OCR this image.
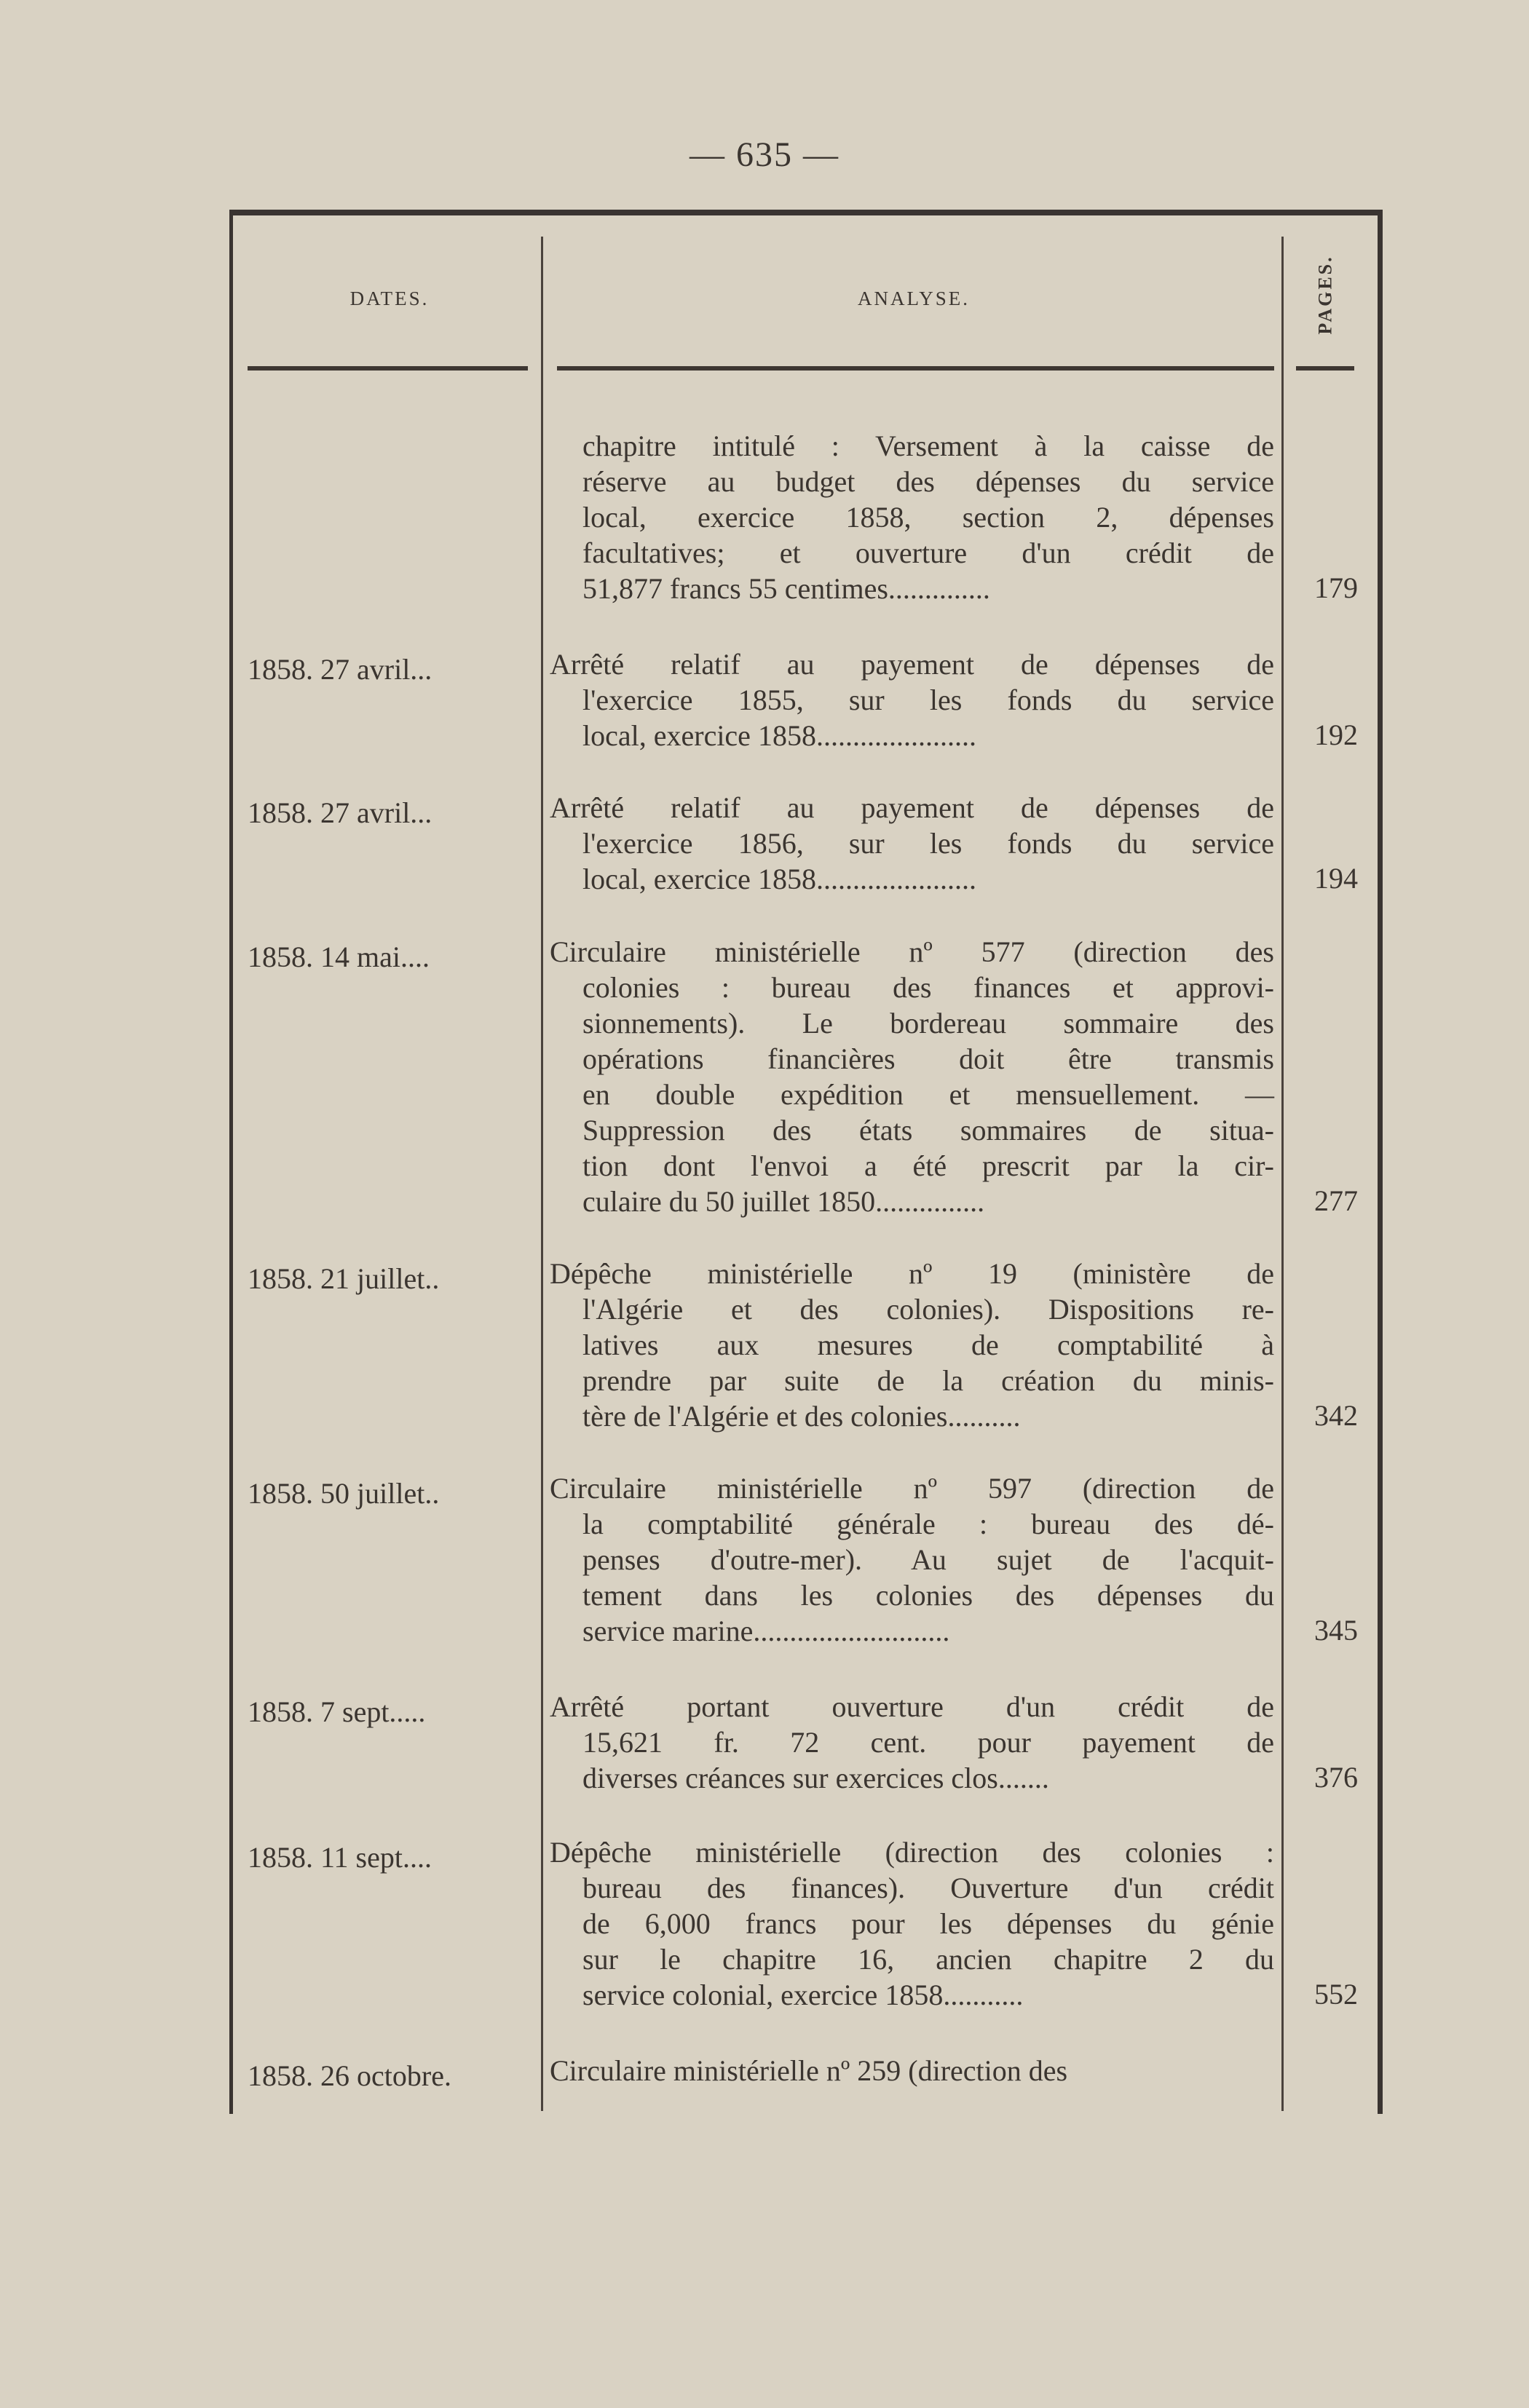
— 635 —
DATES.	ANALYSE.	PAGES.
chapitre intitulé : Versement à la caisse de
réserve au budget des dépenses du service
local, exercice 1858, section 2, dépenses
facultatives; et ouverture d'un crédit de
51,877 francs 55 centimes..............	179
1858. 27 avril...	Arrêté relatif au payement de dépenses de
l'exercice 1855, sur les fonds du service
local, exercice 1858......................	192
1858. 27 avril...	Arrêté relatif au payement de dépenses de
l'exercice 1856, sur les fonds du service
local, exercice 1858......................	194
1858. 14 mai....	Circulaire ministérielle nº 577 (direction des
colonies : bureau des finances et approvi-
sionnements). Le bordereau sommaire des
opérations financières doit être transmis
en double expédition et mensuellement. —
Suppression des états sommaires de situa-
tion dont l'envoi a été prescrit par la cir-
culaire du 50 juillet 1850...............	277
1858. 21 juillet..	Dépêche ministérielle nº 19 (ministère de
l'Algérie et des colonies). Dispositions re-
latives aux mesures de comptabilité à
prendre par suite de la création du minis-
tère de l'Algérie et des colonies..........	342
1858. 50 juillet..	Circulaire ministérielle nº 597 (direction de
la comptabilité générale : bureau des dé-
penses d'outre-mer). Au sujet de l'acquit-
tement dans les colonies des dépenses du
service marine...........................	345
1858. 7 sept.....	Arrêté portant ouverture d'un crédit de
15,621 fr. 72 cent. pour payement de
diverses créances sur exercices clos.......	376
1858. 11 sept....	Dépêche ministérielle (direction des colonies :
bureau des finances). Ouverture d'un crédit
de 6,000 francs pour les dépenses du génie
sur le chapitre 16, ancien chapitre 2 du
service colonial, exercice 1858...........	552
1858. 26 octobre.	Circulaire ministérielle nº 259 (direction des
